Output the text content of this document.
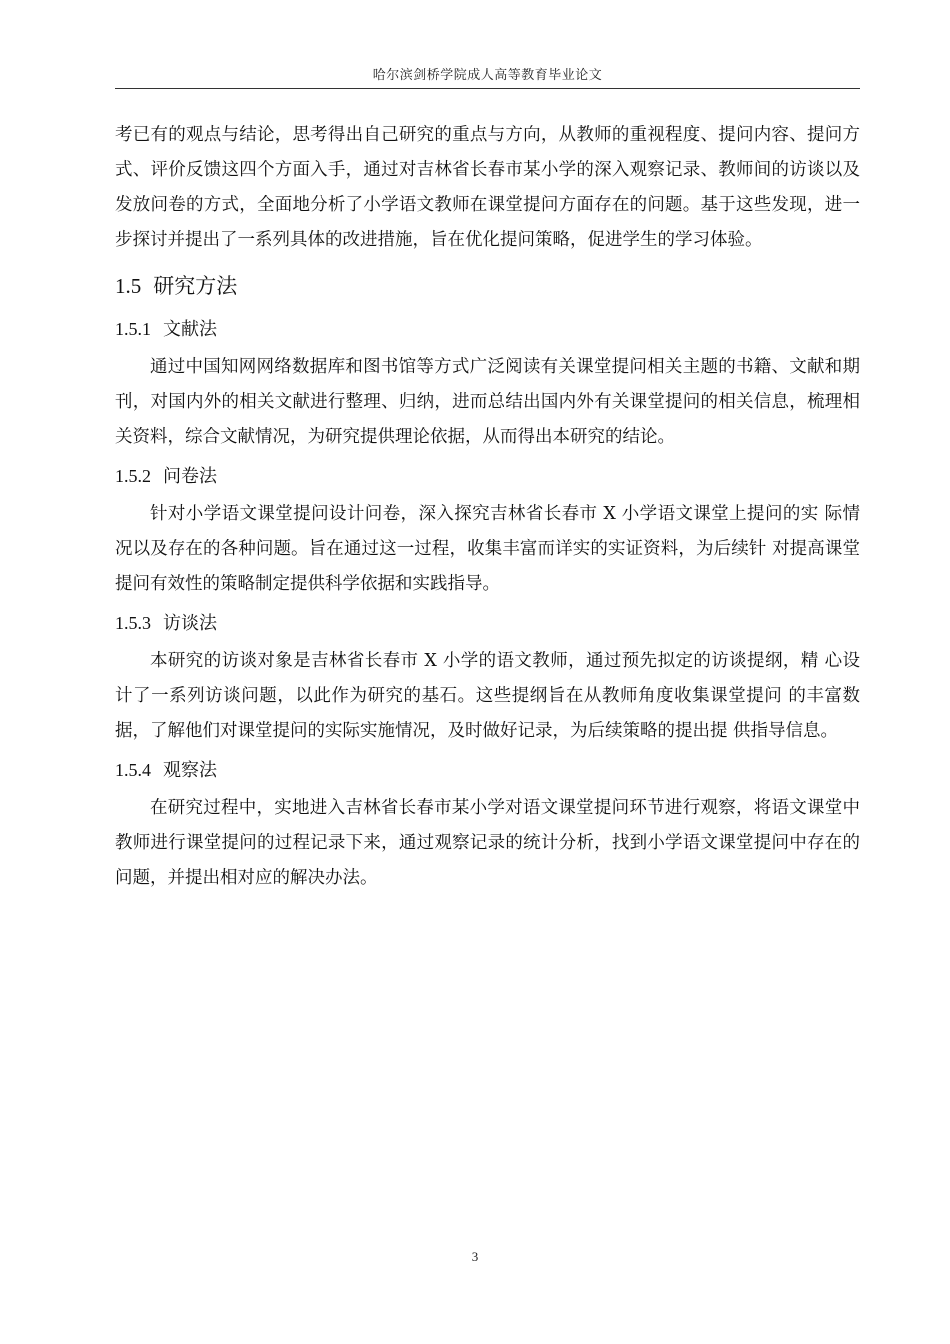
哈尔滨剑桥学院成人高等教育毕业论文

考已有的观点与结论，思考得出自己研究的重点与方向，从教师的重视程度、提问内容、提问方式、评价反馈这四个方面入手，通过对吉林省长春市某小学的深入观察记录、教师间的访谈以及发放问卷的方式，全面地分析了小学语文教师在课堂提问方面存在的问题。基于这些发现，进一步探讨并提出了一系列具体的改进措施，旨在优化提问策略，促进学生的学习体验。

1.5 研究方法
1.5.1 文献法

通过中国知网网络数据库和图书馆等方式广泛阅读有关课堂提问相关主题的书籍、文献和期刊，对国内外的相关文献进行整理、归纳，进而总结出国内外有关课堂提问的相关信息，梳理相关资料，综合文献情况，为研究提供理论依据，从而得出本研究的结论。

1.5.2 问卷法

针对小学语文课堂提问设计问卷，深入探究吉林省长春市 X 小学语文课堂上提问的实 际情况以及存在的各种问题。旨在通过这一过程，收集丰富而详实的实证资料，为后续针 对提高课堂提问有效性的策略制定提供科学依据和实践指导。

1.5.3 访谈法

本研究的访谈对象是吉林省长春市 X 小学的语文教师，通过预先拟定的访谈提纲，精 心设计了一系列访谈问题，以此作为研究的基石。这些提纲旨在从教师角度收集课堂提问 的丰富数据，了解他们对课堂提问的实际实施情况，及时做好记录，为后续策略的提出提 供指导信息。

1.5.4 观察法

在研究过程中，实地进入吉林省长春市某小学对语文课堂提问环节进行观察，将语文课堂中教师进行课堂提问的过程记录下来，通过观察记录的统计分析，找到小学语文课堂提问中存在的问题，并提出相对应的解决办法。

3
